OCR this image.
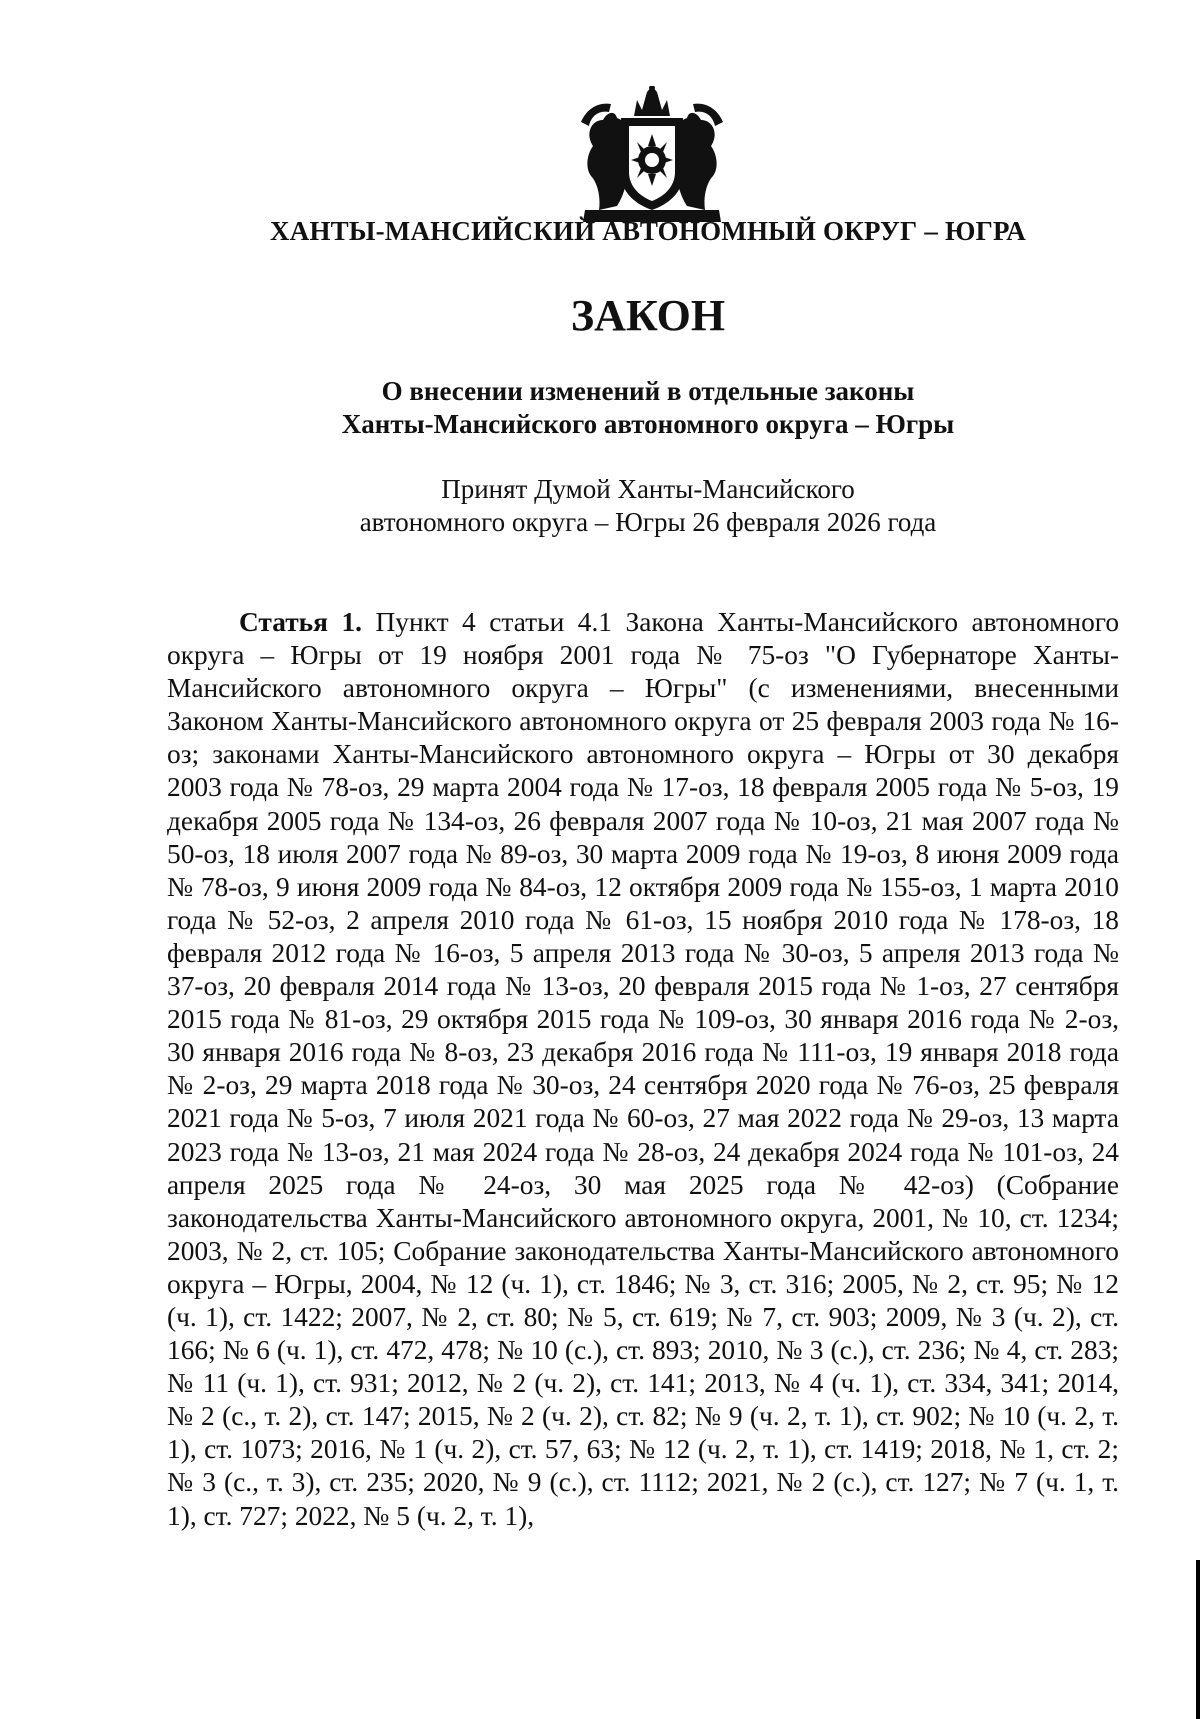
ХАНТЫ-МАНСИЙСКИЙ АВТОНОМНЫЙ ОКРУГ – ЮГРА
ЗАКОН
О внесении изменений в отдельные законы
Ханты-Мансийского автономного округа – Югры
Принят Думой Ханты-Мансийского
автономного округа – Югры 26 февраля 2026 года

Статья 1. Пункт 4 статьи 4.1 Закона Ханты-Мансийского автономного округа – Югры от 19 ноября 2001 года № 75-оз "О Губернаторе Ханты-Мансийского автономного округа – Югры" (с изменениями, внесенными Законом Ханты-Мансийского автономного округа от 25 февраля 2003 года № 16-оз; законами Ханты-Мансийского автономного округа – Югры от 30 декабря 2003 года № 78-оз, 29 марта 2004 года № 17-оз, 18 февраля 2005 года № 5-оз, 19 декабря 2005 года № 134-оз, 26 февраля 2007 года № 10-оз, 21 мая 2007 года № 50-оз, 18 июля 2007 года № 89-оз, 30 марта 2009 года № 19-оз, 8 июня 2009 года № 78-оз, 9 июня 2009 года № 84-оз, 12 октября 2009 года № 155-оз, 1 марта 2010 года № 52-оз, 2 апреля 2010 года № 61-оз, 15 ноября 2010 года № 178-оз, 18 февраля 2012 года № 16-оз, 5 апреля 2013 года № 30-оз, 5 апреля 2013 года № 37-оз, 20 февраля 2014 года № 13-оз, 20 февраля 2015 года № 1-оз, 27 сентября 2015 года № 81-оз, 29 октября 2015 года № 109-оз, 30 января 2016 года № 2-оз, 30 января 2016 года № 8-оз, 23 декабря 2016 года № 111-оз, 19 января 2018 года № 2-оз, 29 марта 2018 года № 30-оз, 24 сентября 2020 года № 76-оз, 25 февраля 2021 года № 5-оз, 7 июля 2021 года № 60-оз, 27 мая 2022 года № 29-оз, 13 марта 2023 года № 13-оз, 21 мая 2024 года № 28-оз, 24 декабря 2024 года № 101-оз, 24 апреля 2025 года № 24-оз, 30 мая 2025 года № 42-оз) (Собрание законодательства Ханты-Мансийского автономного округа, 2001, № 10, ст. 1234; 2003, № 2, ст. 105; Собрание законодательства Ханты-Мансийского автономного округа – Югры, 2004, № 12 (ч. 1), ст. 1846; № 3, ст. 316; 2005, № 2, ст. 95; № 12 (ч. 1), ст. 1422; 2007, № 2, ст. 80; № 5, ст. 619; № 7, ст. 903; 2009, № 3 (ч. 2), ст. 166; № 6 (ч. 1), ст. 472, 478; № 10 (с.), ст. 893; 2010, № 3 (с.), ст. 236; № 4, ст. 283; № 11 (ч. 1), ст. 931; 2012, № 2 (ч. 2), ст. 141; 2013, № 4 (ч. 1), ст. 334, 341; 2014, № 2 (с., т. 2), ст. 147; 2015, № 2 (ч. 2), ст. 82; № 9 (ч. 2, т. 1), ст. 902; № 10 (ч. 2, т. 1), ст. 1073; 2016, № 1 (ч. 2), ст. 57, 63; № 12 (ч. 2, т. 1), ст. 1419; 2018, № 1, ст. 2; № 3 (с., т. 3), ст. 235; 2020, № 9 (с.), ст. 1112; 2021, № 2 (с.), ст. 127; № 7 (ч. 1, т. 1), ст. 727; 2022, № 5 (ч. 2, т. 1),
